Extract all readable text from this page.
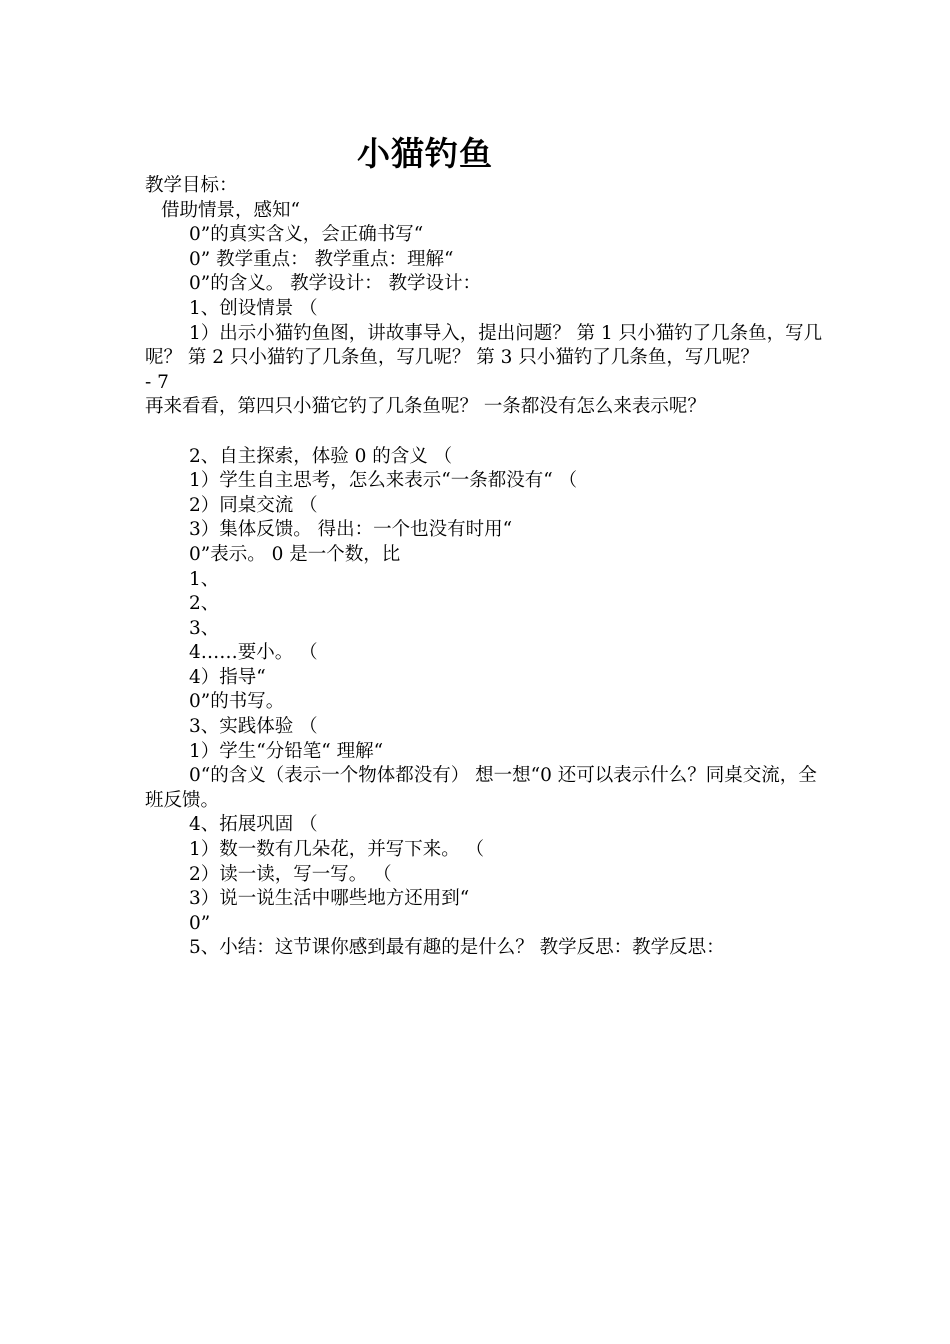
小猫钓鱼
教学目标：
借助情景，感知“
0”的真实含义，会正确书写“
0” 教学重点： 教学重点：理解“
0”的含义。 教学设计： 教学设计：
1、创设情景 （
1）出示小猫钓鱼图，讲故事导入，提出问题？ 第 1 只小猫钓了几条鱼，写几呢？ 第 2 只小猫钓了几条鱼，写几呢？ 第 3 只小猫钓了几条鱼，写几呢？
- 7
再来看看，第四只小猫它钓了几条鱼呢？ 一条都没有怎么来表示呢？
2、自主探索，体验 0 的含义 （
1）学生自主思考，怎么来表示“一条都没有“ （
2）同桌交流 （
3）集体反馈。 得出：一个也没有时用“
0”表示。 0 是一个数，比
1、
2、
3、
4……要小。 （
4）指导“
0”的书写。
3、实践体验 （
1）学生“分铅笔“ 理解“
0“的含义（表示一个物体都没有） 想一想“0 还可以表示什么？同桌交流，全班反馈。
4、拓展巩固 （
1）数一数有几朵花，并写下来。 （
2）读一读，写一写。 （
3）说一说生活中哪些地方还用到“
0”
5、小结：这节课你感到最有趣的是什么？ 教学反思：教学反思：
